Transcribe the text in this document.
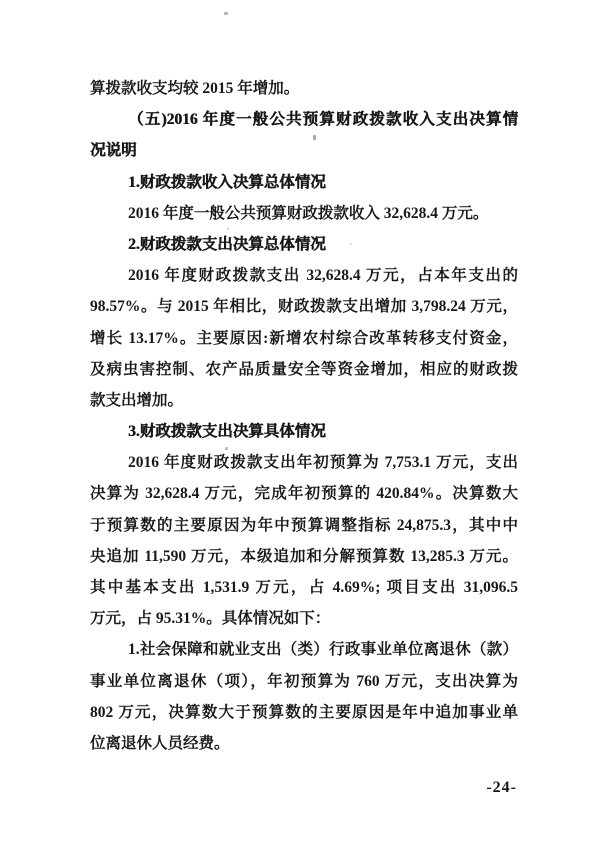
算拨款收支均较 2015 年增加。
（五)2016 年度一般公共预算财政拨款收入支出决算情
况说明
1.财政拨款收入决算总体情况
2016 年度一般公共预算财政拨款收入 32,628.4 万元。
2.财政拨款支出决算总体情况
2016 年度财政拨款支出 32,628.4 万元，占本年支出的
98.57%。与 2015 年相比，财政拨款支出增加 3,798.24 万元，
增长 13.17%。主要原因:新增农村综合改革转移支付资金，
及病虫害控制、农产品质量安全等资金增加，相应的财政拨
款支出增加。
3.财政拨款支出决算具体情况
2016 年度财政拨款支出年初预算为 7,753.1 万元，支出
决算为 32,628.4 万元，完成年初预算的 420.84%。决算数大
于预算数的主要原因为年中预算调整指标 24,875.3，其中中
央追加 11,590 万元，本级追加和分解预算数 13,285.3 万元。
其中基本支出 1,531.9 万元，占 4.69%; 项目支出 31,096.5
万元，占 95.31%。具体情况如下：
1.社会保障和就业支出（类）行政事业单位离退休（款）
事业单位离退休（项），年初预算为 760 万元，支出决算为
802 万元，决算数大于预算数的主要原因是年中追加事业单
位离退休人员经费。
-24-
